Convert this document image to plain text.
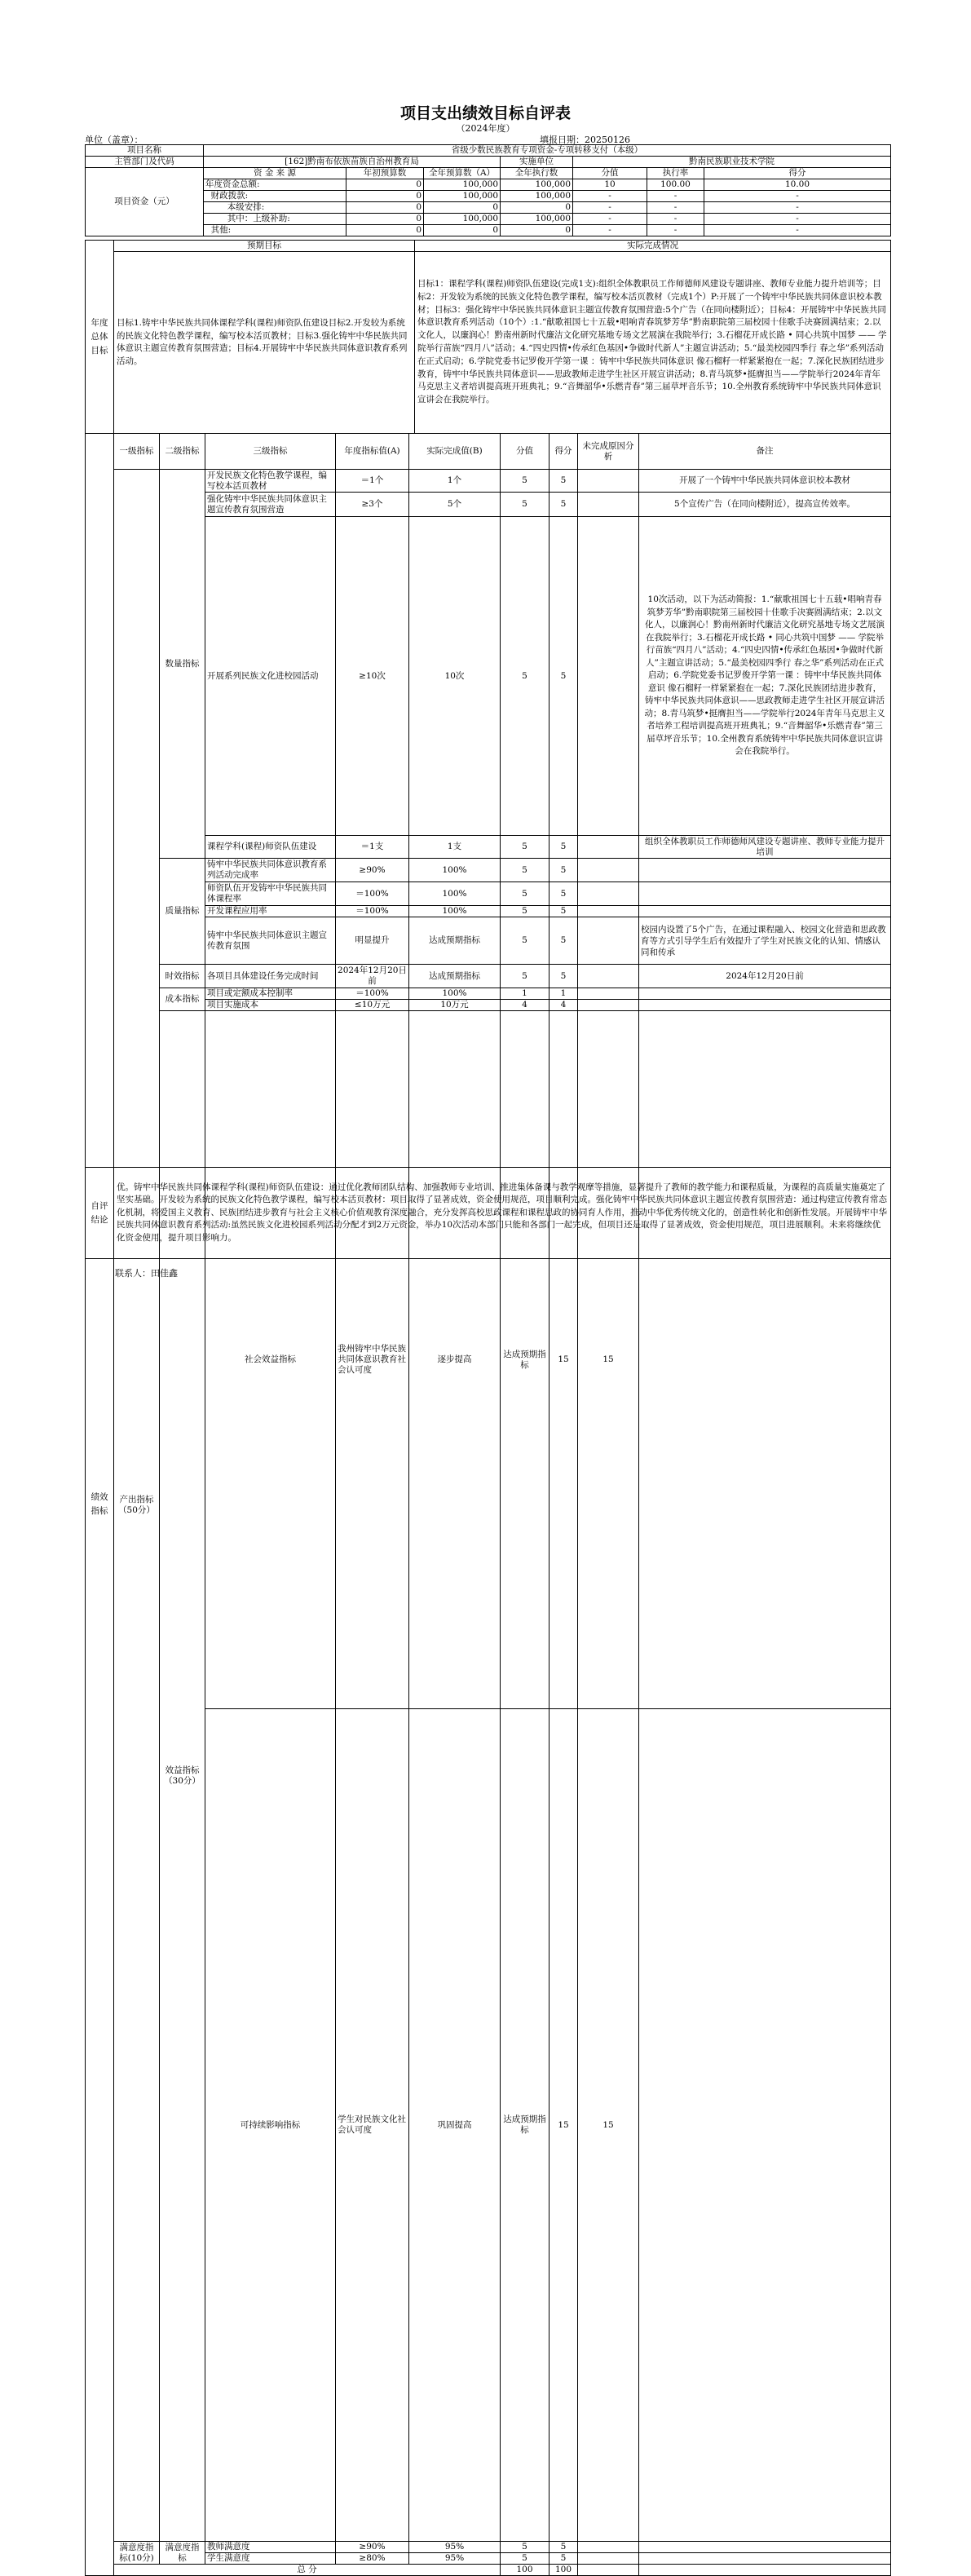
项目支出绩效目标自评表
（2024年度）
单位（盖章）：	填报日期：20250126
项目名称	省级少数民族教育专项资金-专项转移支付（本级）						
主管部门及代码	[162]黔南布依族苗族自治州教育局			实施单位	黔南民族职业技术学院		
项目资金（元）	资 金 来 源	年初预算数	全年预算数（A）	全年执行数	分值	执行率	得分
	年度资金总额:	0	100,000	100,000	10	100.00	10.00
	财政拨款:	0	100,000	100,000	-	-	-
	本级安排:	0	0	0	-	-	-
	其中：上级补助:	0	100,000	100,000	-	-	-
	其他:	0	0	0	-	-	-
年度总体目标	预期目标	实际完成情况
	目标1.铸牢中华民族共同体课程学科(课程)师资队伍建设目标2.开发较为系统的民族文化特色教学课程，编写校本活页教材；目标3.强化铸牢中华民族共同体意识主题宣传教育氛围营造；目标4.开展铸牢中华民族共同体意识教育系列活动。	目标1：课程学科(课程)师资队伍建设(完成1支):组织全体教职员工作师德师风建设专题讲座、教师专业能力提升培训等；目标2：开发较为系统的民族文化特色教学课程，编写校本活页教材（完成1个）P:开展了一个铸牢中华民族共同体意识校本教材；目标3：强化铸牢中华民族共同体意识主题宣传教育氛围营造:5个广告（在同向楼附近）；目标4：开展铸牢中华民族共同体意识教育系列活动（10个）:1.“献歌祖国七十五载•唱响青春筑梦芳华”黔南职院第三届校园十佳歌手决赛圆满结束；2.以文化人，以廉润心！黔南州新时代廉洁文化研究基地专场文艺展演在我院举行；3.石榴花开成长路 • 同心共筑中国梦 —— 学院举行苗族“四月八”活动；4.“四史四情•传承红色基因•争做时代新人”主题宣讲活动；5.“最美校园四季行 春之华”系列活动在正式启动；6.学院党委书记罗俊开学第一课 ：铸牢中华民族共同体意识 像石榴籽一样紧紧抱在一起；7.深化民族团结进步教育，铸牢中华民族共同体意识——思政教师走进学生社区开展宣讲活动；8.青马筑梦•挺膺担当——学院举行2024年青年马克思主义者培训提高班开班典礼；9.“音舞韶华•乐燃青春”第三届草坪音乐节；10.全州教育系统铸牢中华民族共同体意识宣讲会在我院举行。
绩效指标	一级指标	二级指标	三级指标	年度指标值(A)	实际完成值(B)	分值	得分	未完成原因分析	备注	
	产出指标（50分）	数量指标	开发民族文化特色教学课程，编写校本活页教材	＝1个	1个	5	5		开展了一个铸牢中华民族共同体意识校本教材	
			强化铸牢中华民族共同体意识主题宣传教育氛围营造	≥3个	5个	5	5		5个宣传广告（在同向楼附近），提高宣传效率。	
			开展系列民族文化进校园活动	≥10次	10次	5	5		10次活动，以下为活动简报：1.“献歌祖国七十五载•唱响青春筑梦芳华”黔南职院第三届校园十佳歌手决赛圆满结束；2.以文化人，以廉润心！黔南州新时代廉洁文化研究基地专场文艺展演在我院举行；3.石榴花开成长路 • 同心共筑中国梦 —— 学院举行苗族“四月八”活动；4.“四史四情•传承红色基因•争做时代新人”主题宣讲活动；5.“最美校园四季行 春之华”系列活动在正式启动；6.学院党委书记罗俊开学第一课 ：铸牢中华民族共同体意识 像石榴籽一样紧紧抱在一起；7.深化民族团结进步教育，铸牢中华民族共同体意识——思政教师走进学生社区开展宣讲活动；8.青马筑梦•挺膺担当——学院举行2024年青年马克思主义者培养工程培训提高班开班典礼；9.“音舞韶华•乐燃青春”第三届草坪音乐节；10.全州教育系统铸牢中华民族共同体意识宣讲会在我院举行。	
			课程学科(课程)师资队伍建设	＝1支	1支	5	5		组织全体教职员工作师德师风建设专题讲座、教师专业能力提升培训	
		质量指标	铸牢中华民族共同体意识教育系列活动完成率	≥90%	100%	5	5			
			师资队伍开发铸牢中华民族共同体课程率	＝100%	100%	5	5			
			开发课程应用率	＝100%	100%	5	5			
			铸牢中华民族共同体意识主题宣传教育氛围	明显提升	达成预期指标	5	5		校园内设置了5个广告，在通过课程融入、校园文化营造和思政教育等方式引导学生后有效提升了学生对民族文化的认知、情感认同和传承	
		时效指标	各项目具体建设任务完成时间	2024年12月20日前	达成预期指标	5	5		2024年12月20日前	
		成本指标	项目或定额成本控制率	＝100%	100%	1	1			
			项目实施成本	≤10万元	10万元	4	4			
		效益指标（30分）	社会效益指标	我州铸牢中华民族共同体意识教育社会认可度	逐步提高	达成预期指标	15	15		
			可持续影响指标	学生对民族文化社会认可度	巩固提高	达成预期指标	15	15		
	满意度指标(10分)	满意度指标	教师满意度	≥90%	95%	5	5			
			学生满意度	≥80%	95%	5	5			
	总 分					100	100			
自评结论	优。铸牢中华民族共同体课程学科(课程)师资队伍建设：通过优化教师团队结构、加强教师专业培训、推进集体备课与教学观摩等措施，显著提升了教师的教学能力和课程质量，为课程的高质量实施奠定了坚实基础。开发较为系统的民族文化特色教学课程，编写校本活页教材：项目取得了显著成效，资金使用规范，项目顺利完成。强化铸牢中华民族共同体意识主题宣传教育氛围营造：通过构建宣传教育常态化机制，将爱国主义教育、民族团结进步教育与社会主义核心价值观教育深度融合，充分发挥高校思政课程和课程思政的协同育人作用，推动中华优秀传统文化的，创造性转化和创新性发展。开展铸牢中华民族共同体意识教育系列活动:虽然民族文化进校园系列活动分配才到2万元资金，举办10次活动本部门只能和各部门一起完成，但项目还是取得了显著成效，资金使用规范，项目进展顺利。未来将继续优化资金使用，提升项目影响力。
联系人：田佳鑫
